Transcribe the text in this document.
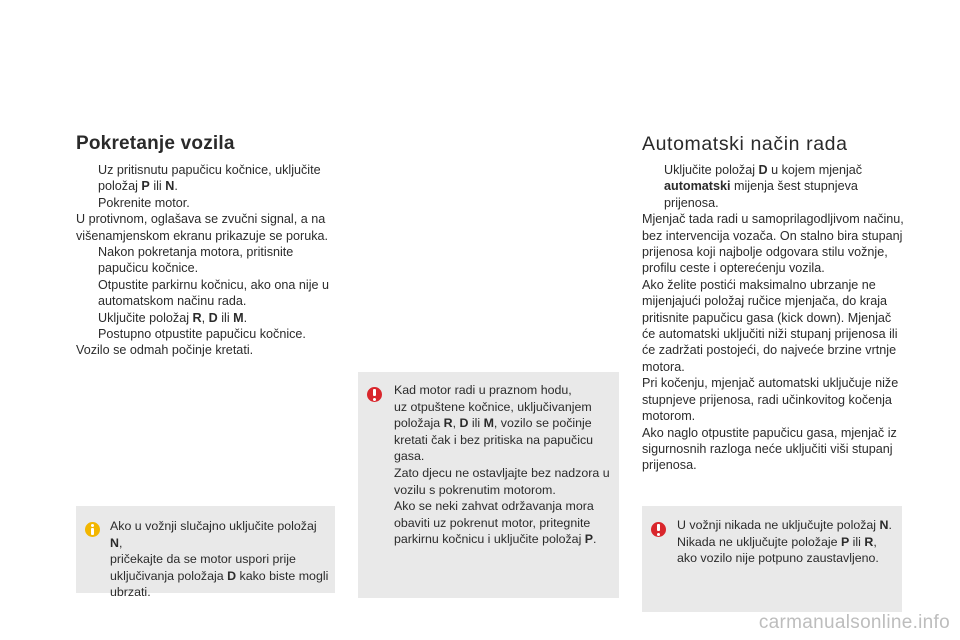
Pokretanje vozila

Uz pritisnutu papučicu kočnice, uključite
položaj P ili N.

Pokrenite motor.

U protivnom, oglašava se zvučni signal, a na
višenamjenskom ekranu prikazuje se poruka.

Nakon pokretanja motora, pritisnite
papučicu kočnice.

Otpustite parkirnu kočnicu, ako ona nije u
automatskom načinu rada.

Uključite položaj R, D ili M.

Postupno otpustite papučicu kočnice.

Vozilo se odmah počinje kretati.

Ako u vožnji slučajno uključite položaj N,
pričekajte da se motor uspori prije
uključivanja položaja D kako biste mogli
ubrzati.
Kad motor radi u praznom hodu,
uz otpuštene kočnice, uključivanjem
položaja R, D ili M, vozilo se počinje
kretati čak i bez pritiska na papučicu
gasa.
Zato djecu ne ostavljajte bez nadzora u
vozilu s pokrenutim motorom.
Ako se neki zahvat održavanja mora
obaviti uz pokrenut motor, pritegnite
parkirnu kočnicu i uključite položaj P.
Automatski način rada

Uključite položaj D u kojem mjenjač
automatski mijenja šest stupnjeva
prijenosa.

Mjenjač tada radi u samoprilagodljivom načinu,
bez intervencija vozača. On stalno bira stupanj
prijenosa koji najbolje odgovara stilu vožnje,
profilu ceste i opterećenju vozila.
Ako želite postići maksimalno ubrzanje ne
mijenjajući položaj ručice mjenjača, do kraja
pritisnite papučicu gasa (kick down). Mjenjač
će automatski uključiti niži stupanj prijenosa ili
će zadržati postojeći, do najveće brzine vrtnje
motora.
Pri kočenju, mjenjač automatski uključuje niže
stupnjeve prijenosa, radi učinkovitog kočenja
motorom.
Ako naglo otpustite papučicu gasa, mjenjač iz
sigurnosnih razloga neće uključiti viši stupanj
prijenosa.

U vožnji nikada ne uključujte položaj N.
Nikada ne uključujte položaje P ili R,
ako vozilo nije potpuno zaustavljeno.
carmanualsonline.info
